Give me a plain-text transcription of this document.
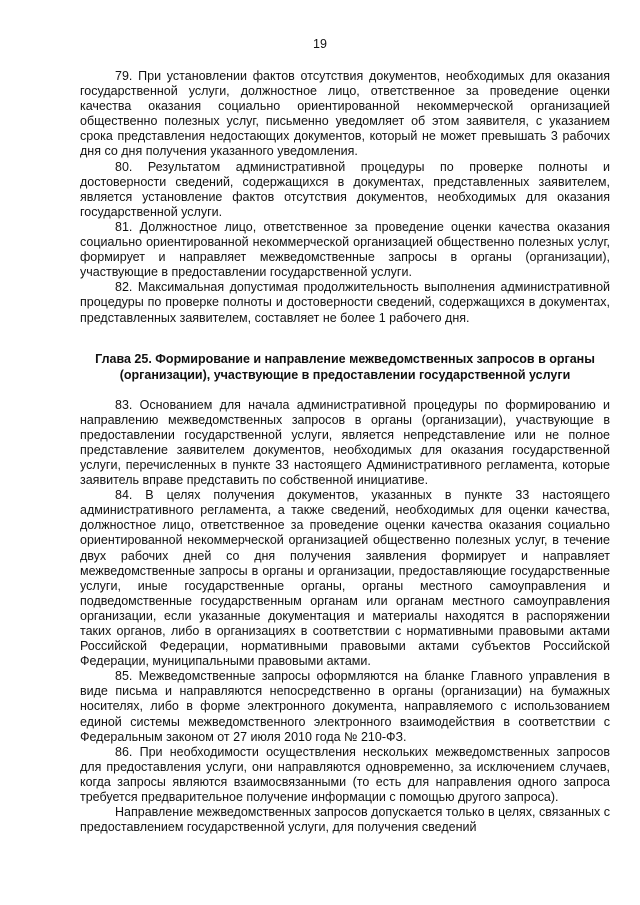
19

79. При установлении фактов отсутствия документов, необходимых для оказания государственной услуги, должностное лицо, ответственное за проведение оценки качества оказания социально ориентированной некоммерческой организацией общественно полезных услуг, письменно уведомляет об этом заявителя, с указанием срока представления недостающих документов, который не может превышать 3 рабочих дня со дня получения указанного уведомления.

80. Результатом административной процедуры по проверке полноты и достоверности сведений, содержащихся в документах, представленных заявителем, является установление фактов отсутствия документов, необходимых для оказания государственной услуги.

81. Должностное лицо, ответственное за проведение оценки качества оказания социально ориентированной некоммерческой организацией общественно полезных услуг, формирует и направляет межведомственные запросы в органы (организации), участвующие в предоставлении государственной услуги.

82. Максимальная допустимая продолжительность выполнения административной процедуры по проверке полноты и достоверности сведений, содержащихся в документах, представленных заявителем, составляет не более 1 рабочего дня.

Глава 25. Формирование и направление межведомственных запросов в органы (организации), участвующие в предоставлении государственной услуги

83. Основанием для начала административной процедуры по формированию и направлению межведомственных запросов в органы (организации), участвующие в предоставлении государственной услуги, является непредставление или не полное представление заявителем документов, необходимых для оказания государственной услуги, перечисленных в пункте 33 настоящего Административного регламента, которые заявитель вправе представить по собственной инициативе.

84. В целях получения документов, указанных в пункте 33 настоящего административного регламента, а также сведений, необходимых для оценки качества, должностное лицо, ответственное за проведение оценки качества оказания социально ориентированной некоммерческой организацией общественно полезных услуг, в течение двух рабочих дней со дня получения заявления формирует и направляет межведомственные запросы в органы и организации, предоставляющие государственные услуги, иные государственные органы, органы местного самоуправления и подведомственные государственным органам или органам местного самоуправления организации, если указанные документация и материалы находятся в распоряжении таких органов, либо в организациях в соответствии с нормативными правовыми актами Российской Федерации, нормативными правовыми актами субъектов Российской Федерации, муниципальными правовыми актами.

85. Межведомственные запросы оформляются на бланке Главного управления в виде письма и направляются непосредственно в органы (организации) на бумажных носителях, либо в форме электронного документа, направляемого с использованием единой системы межведомственного электронного взаимодействия в соответствии с Федеральным законом от 27 июля 2010 года № 210-ФЗ.

86. При необходимости осуществления нескольких межведомственных запросов для предоставления услуги, они направляются одновременно, за исключением случаев, когда запросы являются взаимосвязанными (то есть для направления одного запроса требуется предварительное получение информации с помощью другого запроса).

Направление межведомственных запросов допускается только в целях, связанных с предоставлением государственной услуги, для получения сведений
